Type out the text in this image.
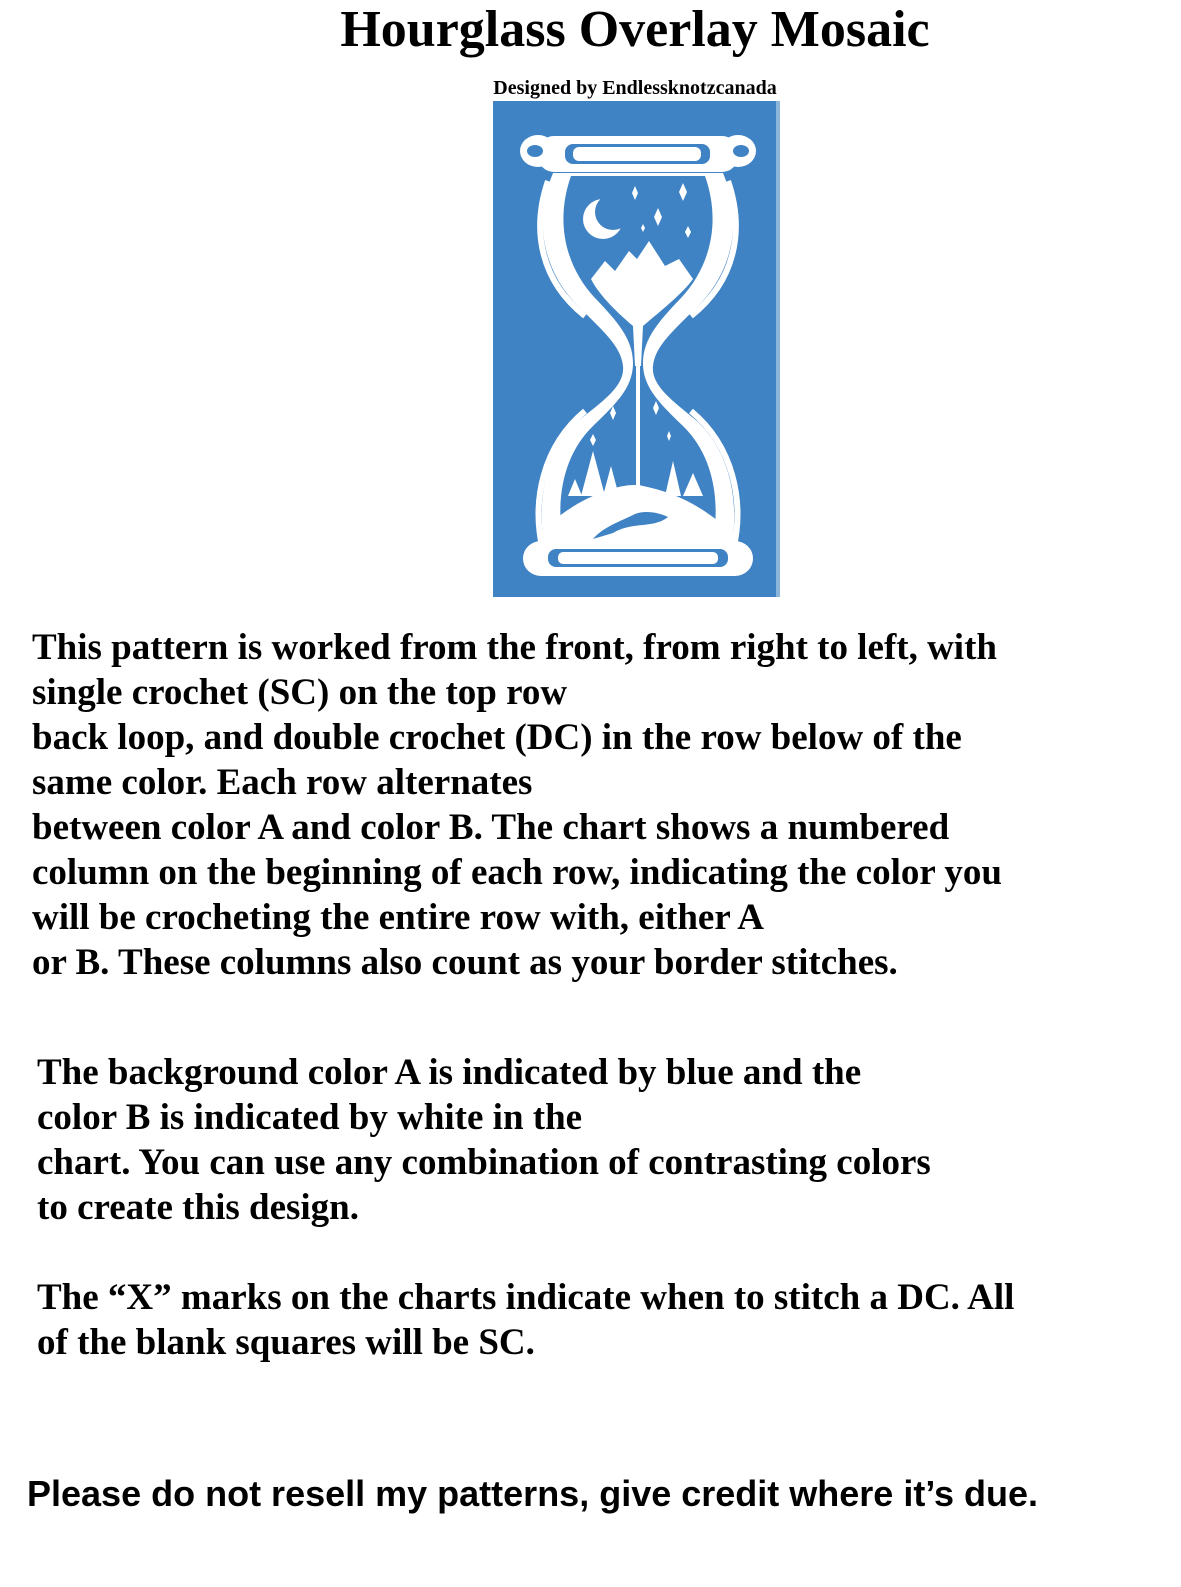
Hourglass Overlay Mosaic
Designed by Endlessknotzcanada
This pattern is worked from the front, from right to left, with
single crochet (SC) on the top row
back loop, and double crochet (DC) in the row below of the
same color. Each row alternates
between color A and color B. The chart shows a numbered
column on the beginning of each row, indicating the color you
will be crocheting the entire row with, either A
or B. These columns also count as your border stitches.
The background color A is indicated by blue and the
color B is indicated by white in the
chart. You can use any combination of contrasting colors
to create this design.
The “X” marks on the charts indicate when to stitch a DC. All
of the blank squares will be SC.
Please do not resell my patterns, give credit where it’s due.
